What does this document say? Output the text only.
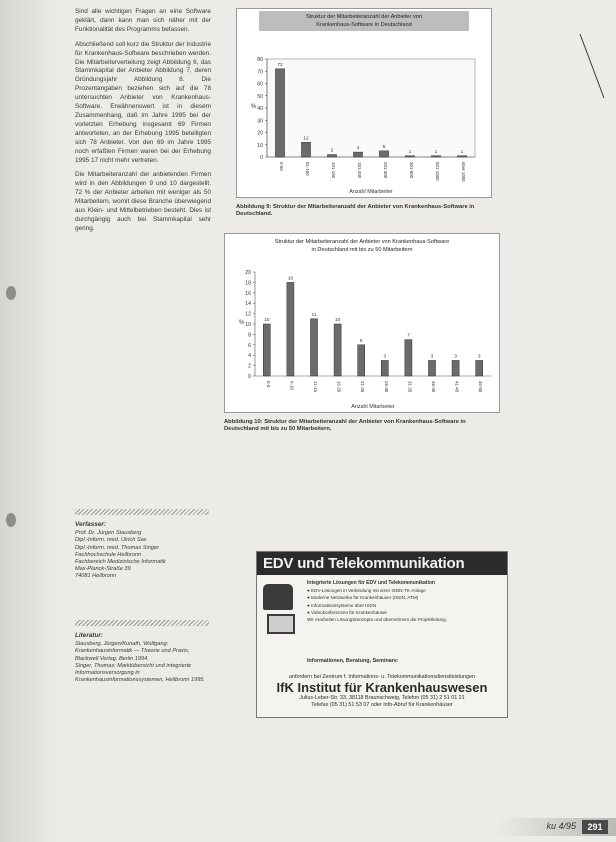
Sind alle wichtigen Fragen an eine Software geklärt, dann kann man sich näher mit der Funktionalität des Programms befassen.

Abschließend soll kurz die Struktur der Industrie für Krankenhaus-Software beschrieben werden. Die Mitarbeiterverteilung zeigt Abbildung 6, das Stammkapital der Anbieter Abbildung 7, deren Gründungsjahr Abbildung 8. Die Prozentangaben beziehen sich auf die 78 untersuchten Anbieter von Krankenhaus-Software. Erwähnenswert ist in diesem Zusammenhang, daß im Jahre 1995 bei der vorletzten Erhebung insgesamt 69 Firmen antworteten, an der Erhebung 1995 beteiligten sich 78 Anbieter. Von den 69 im Jahre 1995 noch erfaßten Firmen waren bei der Erhebung 1995 17 nicht mehr vertreten.

Die Mitarbeiteranzahl der anbietenden Firmen wird in den Abbildungen 9 und 10 dargestellt. 72 % der Anbieter arbeiten mit weniger als 50 Mitarbeitern, womit diese Branche überwiegend aus Klein- und Mittelbetrieben besteht. Dies ist durchgängig auch bei Stammkapital sehr gering.

Verfasser:
Prof. Dr. Jürgen Stausberg
Dipl.-Inform. med. Ulrich Sax
Dipl.-Inform. med. Thomas Singer
Fachhochschule Heilbronn
Fachbereich Medizinische Informatik
Max-Planck-Straße 39
74081 Heilbronn
Literatur:
Stausberg, Jürgen/Kunath, Wolfgang: Krankenhausinformatik — Theorie und Praxis, Blackwell Verlag, Berlin 1994.
Singer, Thomas: Marktübersicht und integrierte Informationsversorgung in Krankenhausinformationssystemen, Heilbronn 1995.
Struktur der Mitarbeiteranzahl der Anbieter von
Krankenhaus-Software in Deutschland
0
10
20
30
40
50
60
70
80
%
72
0-50
12
51-100
2
101-150
4
151-200
5
201-300
1
301-500
1
501-1000
1
über 1000
Anzahl Mitarbeiter
Abbildung 9: Struktur der Mitarbeiteranzahl der Anbieter von Krankenhaus-Software in Deutschland.
Struktur der Mitarbeiteranzahl der Anbieter von Krankenhaus-Software
in Deutschland mit bis zu 50 Mitarbeitern
0
2
4
6
8
10
12
14
16
18
20
%	10
0-5
18
6-10
11
11-15
10
16-20
6
21-25
3
26-30
7
31-35
3
36-40
3
41-45
3
46-50
Anzahl Mitarbeiter
Abbildung 10: Struktur der Mitarbeiteranzahl der Anbieter von Krankenhaus-Software in Deutschland mit bis zu 50 Mitarbeitern.
EDV und Telekommunikation
Integrierte Lösungen für EDV und Telekommunikation
● EDV-Lösungen in Verbindung mit einer ISDN-TK-Anlage
● Moderne Netzwerke für Krankenhäuser (ISDN, ATM)
● Informationssysteme über ISDN
● Videokonferenzen für Krankenhäuser
Wir erarbeiten Lösungskonzepte und übernehmen die Projektleitung.
Informationen, Beratung, Seminare:
anfordern bei Zentrum f. Informations- u. Telekommunikationsdienstleistungen
IfK Institut für Krankenhauswesen
Julius-Leber-Str. 33, 38118 Braunschweig, Telefon (05 31) 2 51 01 21
Telefax (05 31) 51 53 07 oder Info-Abruf für Krankenhäuser
ku 4/95	291
